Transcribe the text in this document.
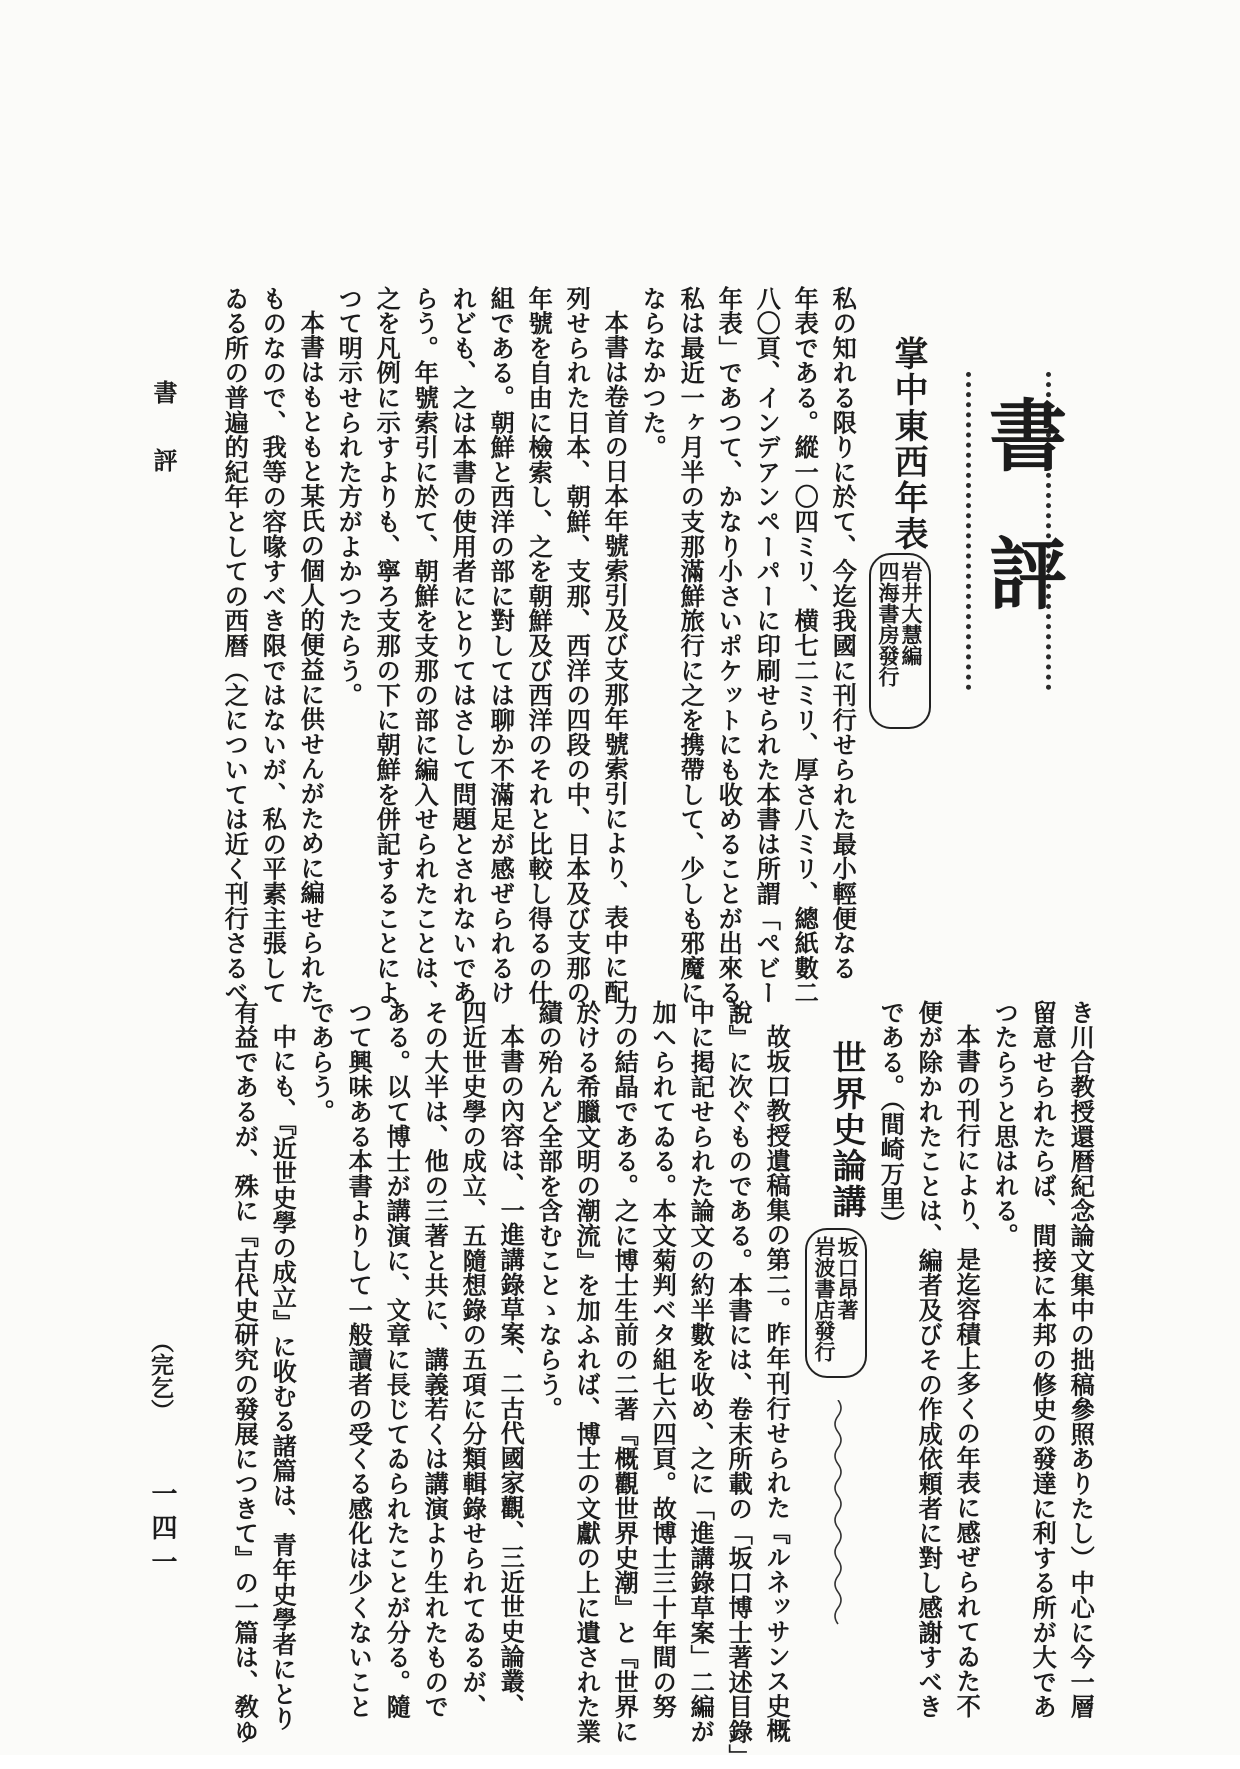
書評
掌中東西年表
岩井大慧編
四海書房發行

私の知れる限りに於て、今迄我國に刊行せられた最小輕便なる

年表である。縱一〇四ミリ、横七二ミリ、厚さ八ミリ、總紙數二

八〇頁、インデアンペーパーに印刷せられた本書は所謂「ぺビー

年表」であつて、かなり小さいポケットにも收めることが出來る。

私は最近一ヶ月半の支那滿鮮旅行に之を携帶して、少しも邪魔に

ならなかつた。

本書は卷首の日本年號索引及び支那年號索引により、表中に配

列せられた日本、朝鮮、支那、西洋の四段の中、日本及び支那の

年號を自由に檢索し、之を朝鮮及び西洋のそれと比較し得るの仕

組である。朝鮮と西洋の部に對しては聊か不滿足が感ぜられるけ

れども、之は本書の使用者にとりてはさして問題とされないであ

らう。年號索引に於て、朝鮮を支那の部に編入せられたことは、

之を凡例に示すよりも、寧ろ支那の下に朝鮮を併記することによ

つて明示せられた方がよかつたらう。

本書はもともと某氏の個人的便益に供せんがために編せられた

ものなので、我等の容喙すべき限ではないが、私の平素主張して

ゐる所の普遍的紀年としての西暦（之については近く刊行さるべ

書評

き川合教授還暦紀念論文集中の拙稿參照ありたし）中心に今一層

留意せられたらば、間接に本邦の修史の發達に利する所が大であ

つたらうと思はれる。

本書の刊行により、是迄容積上多くの年表に感ぜられてゐた不

便が除かれたことは、編者及びその作成依頼者に對し感謝すべき

である。（間崎万里）

世界史論講
坂口昂著
岩波書店發行

故坂口教授遺稿集の第二。昨年刊行せられた『ルネッサンス史概

說』に次ぐものである。本書には、卷末所載の「坂口博士著述目錄」

中に掲記せられた論文の約半數を收め、之に「進講錄草案」二編が

加へられてゐる。本文菊判ベタ組七六四頁。故博士三十年間の努

力の結晶である。之に博士生前の二著『概觀世界史潮』と『世界に

於ける希臘文明の潮流』を加ふれば、博士の文獻の上に遺された業

績の殆んど全部を含むことゝならう。

本書の內容は、一進講錄草案、二古代國家觀、三近世史論叢、

四近世史學の成立、五隨想錄の五項に分類輯錄せられてゐるが、

その大半は、他の三著と共に、講義若くは講演より生れたもので

ある。以て博士が講演に、文章に長じてゐられたことが分る。隨

つて興味ある本書よりして一般讀者の受くる感化は少くないこと

であらう。

中にも、『近世史學の成立』に收むる諸篇は、青年史學者にとり

有益であるが、殊に『古代史研究の發展につきて』の一篇は、敎ゆ

（完乞）
一四一
